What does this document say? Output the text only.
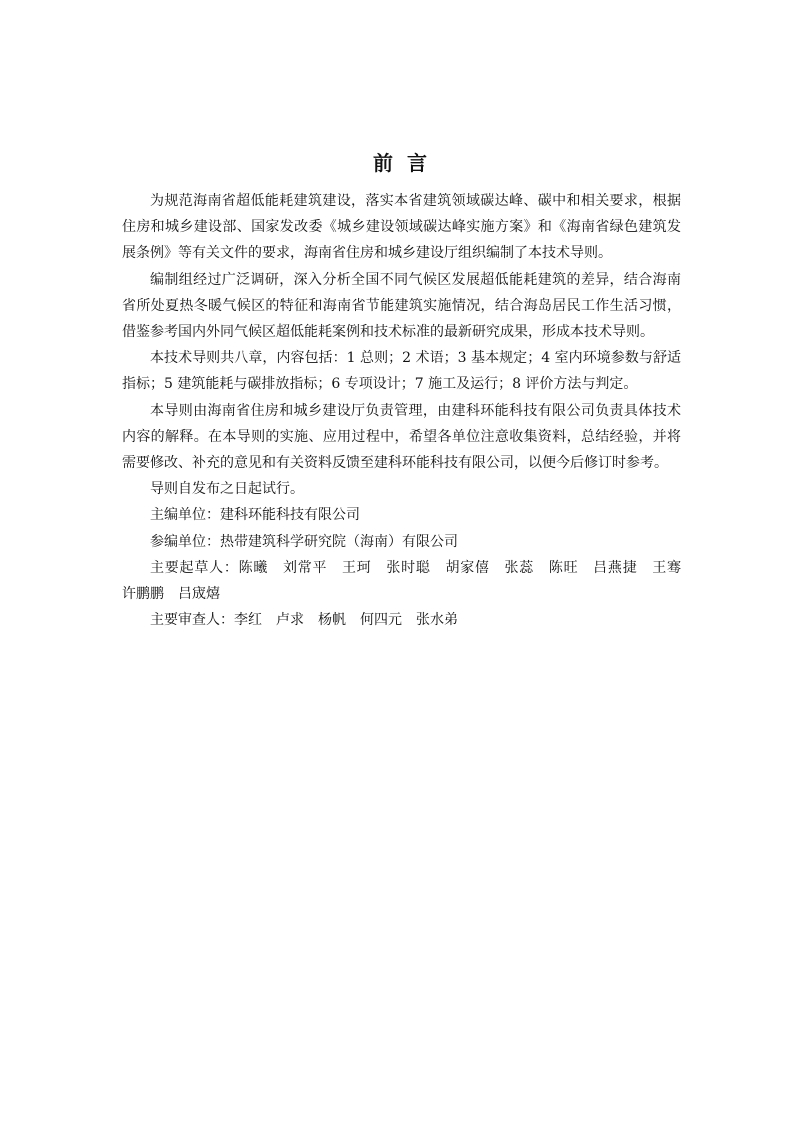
前言

为规范海南省超低能耗建筑建设，落实本省建筑领域碳达峰、碳中和相关要求，根据住房和城乡建设部、国家发改委《城乡建设领域碳达峰实施方案》和《海南省绿色建筑发展条例》等有关文件的要求，海南省住房和城乡建设厅组织编制了本技术导则。

编制组经过广泛调研，深入分析全国不同气候区发展超低能耗建筑的差异，结合海南省所处夏热冬暖气候区的特征和海南省节能建筑实施情况，结合海岛居民工作生活习惯，借鉴参考国内外同气候区超低能耗案例和技术标准的最新研究成果，形成本技术导则。

本技术导则共八章，内容包括：1 总则；2 术语；3 基本规定；4 室内环境参数与舒适指标；5 建筑能耗与碳排放指标；6 专项设计；7 施工及运行；8 评价方法与判定。

本导则由海南省住房和城乡建设厅负责管理，由建科环能科技有限公司负责具体技术内容的解释。在本导则的实施、应用过程中，希望各单位注意收集资料，总结经验，并将需要修改、补充的意见和有关资料反馈至建科环能科技有限公司，以便今后修订时参考。

导则自发布之日起试行。

主编单位：建科环能科技有限公司

参编单位：热带建筑科学研究院（海南）有限公司

主要起草人：陈曦　刘常平　王珂　张时聪　胡家僖　张蕊　陈旺　吕燕捷　王骞　许鹏鹏　吕宬熺

主要审查人：李红　卢求　杨帆　何四元　张水弟
